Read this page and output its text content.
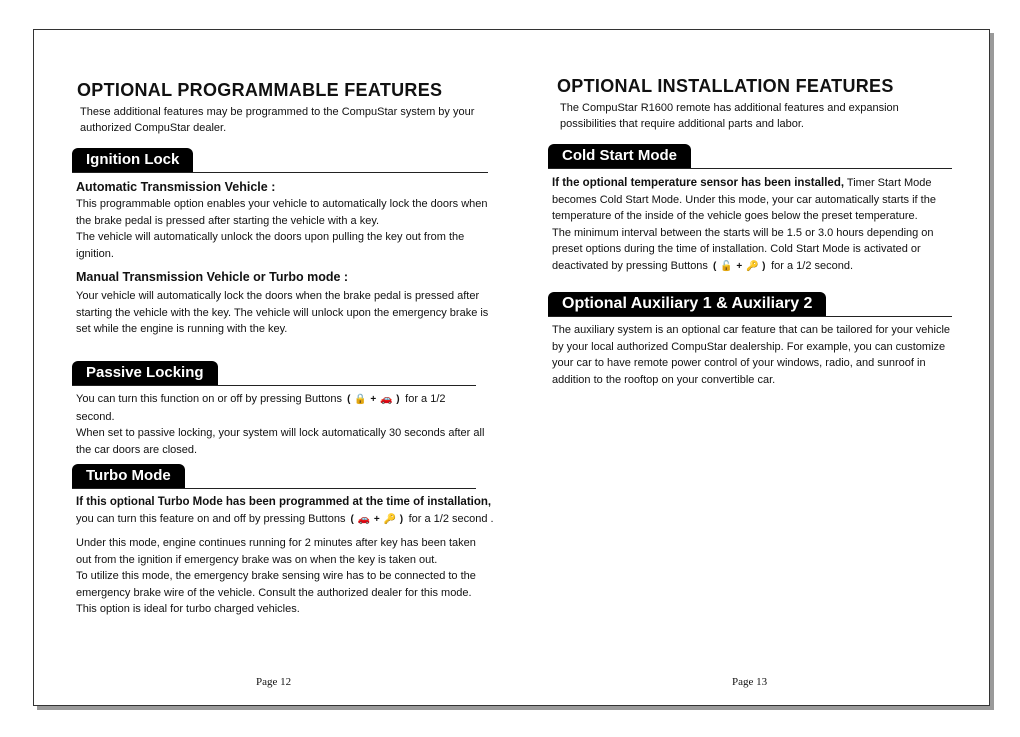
OPTIONAL PROGRAMMABLE FEATURES

These additional features may be programmed to the CompuStar system by your authorized CompuStar dealer.

Ignition Lock
Automatic Transmission Vehicle :

This programmable option enables your vehicle to automatically lock the doors when the brake pedal is pressed after starting the vehicle with a key.
The vehicle will automatically unlock the doors upon pulling the key out from the ignition.

Manual Transmission Vehicle or Turbo mode :

Your vehicle will automatically lock the doors when the brake pedal is pressed after starting the vehicle with the key. The vehicle will unlock upon the emergency brake is set while the engine is running with the key.

Passive Locking

You can turn this function on or off by pressing Buttons ( 🔒 + 🚗 ) for a 1/2 second.
When set to passive locking, your system will lock automatically 30 seconds after all the car doors are closed.

Turbo Mode

If this optional Turbo Mode has been programmed at the time of installation,
you can turn this feature on and off by pressing Buttons ( 🚗 + 🔑 ) for a 1/2 second .

Under this mode, engine continues running for 2 minutes after key has been taken out from the ignition if emergency brake was on when the key is taken out.
To utilize this mode, the emergency brake sensing wire has to be connected to the emergency brake wire of the vehicle. Consult the authorized dealer for this mode.
This option is ideal for turbo charged vehicles.

Page 12
OPTIONAL INSTALLATION FEATURES

The CompuStar R1600 remote has additional features and expansion possibilities that require additional parts and labor.

Cold Start Mode

If the optional temperature sensor has been installed, Timer Start Mode becomes Cold Start Mode. Under this mode, your car automatically starts if the temperature of the inside of the vehicle goes below the preset temperature.
The minimum interval between the starts will be 1.5 or 3.0 hours depending on preset options during the time of installation. Cold Start Mode is activated or deactivated by pressing Buttons ( 🔓 + 🔑 ) for a 1/2 second.

Optional Auxiliary 1 & Auxiliary 2

The auxiliary system is an optional car feature that can be tailored for your vehicle by your local authorized CompuStar dealership. For example, you can customize your car to have remote power control of your windows, radio, and sunroof in addition to the rooftop on your convertible car.

Page 13
